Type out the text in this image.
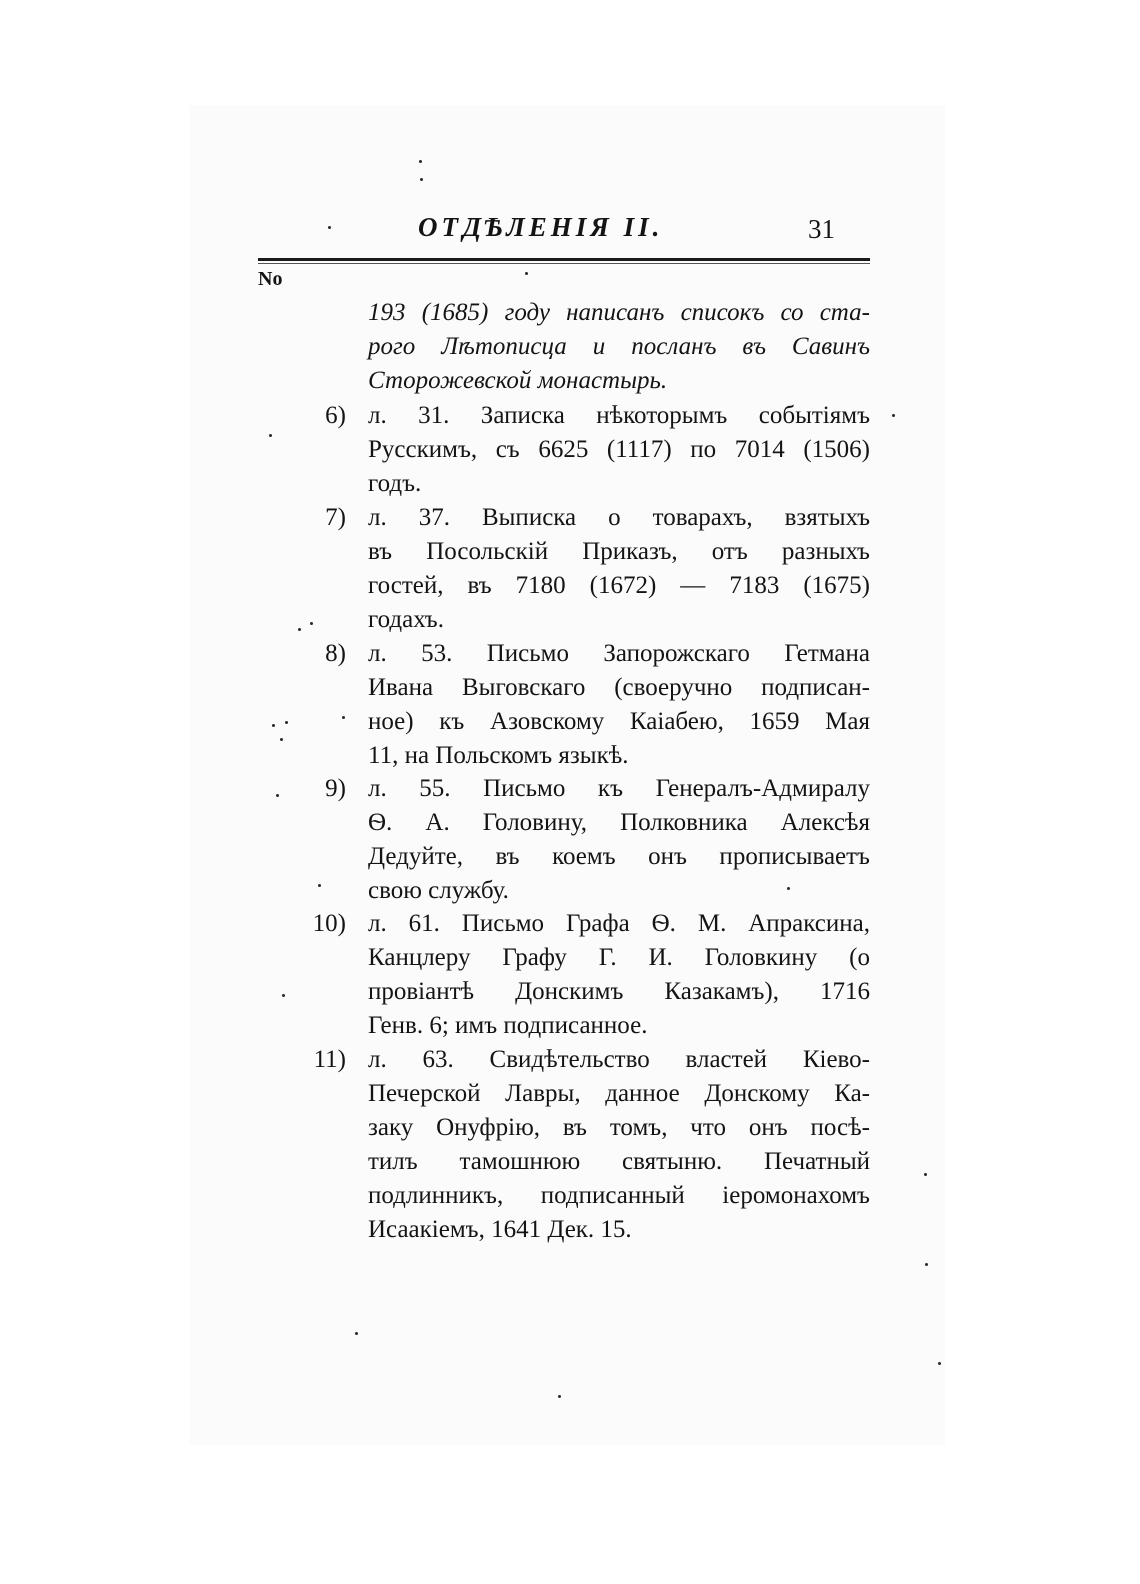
ОТДѢЛЕНІЯ II.	31
No
193 (1685) году написанъ списокъ со ста-
рого Лѣтописца и посланъ въ Савинъ
Сторожевской монастырь.
6) л. 31. Записка нѣкоторымъ событіямъ
Русскимъ, съ 6625 (1117) по 7014 (1506)
годъ.
7) л. 37. Выписка о товарахъ, взятыхъ
въ Посольскій Приказъ, отъ разныхъ
гостей, въ 7180 (1672) — 7183 (1675)
годахъ.
8) л. 53. Письмо Запорожскаго Гетмана
Ивана Выговскаго (своеручно подписан-
ное) къ Азовскому Каіабею, 1659 Мая
11, на Польскомъ языкѣ.
9) л. 55. Письмо къ Генералъ-Адмиралу
Ѳ. А. Головину, Полковника Алексѣя
Дедуйте, въ коемъ онъ прописываетъ
свою службу.
10) л. 61. Письмо Графа Ѳ. М. Апраксина,
Канцлеру Графу Г. И. Головкину (о
провіантѣ Донскимъ Казакамъ), 1716
Генв. 6; имъ подписанное.
11) л. 63. Свидѣтельство властей Кіево-
Печерской Лавры, данное Донскому Ка-
заку Онуфрію, въ томъ, что онъ посѣ-
тилъ тамошнюю святыню. Печатный
подлинникъ, подписанный іеромонахомъ
Исаакіемъ, 1641 Дек. 15.
